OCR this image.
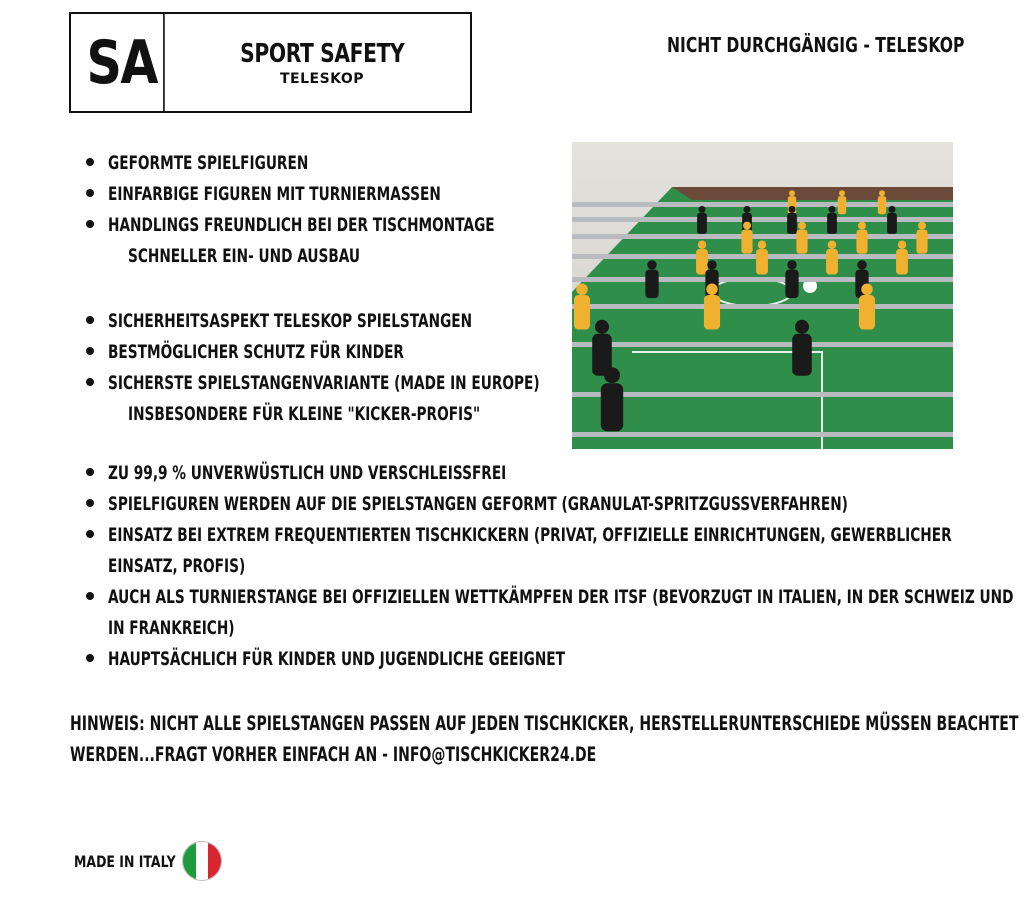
SA	SPORT SAFETY
TELESKOP
NICHT DURCHGÄNGIG - TELESKOP
GEFORMTE SPIELFIGUREN
EINFARBIGE FIGUREN MIT TURNIERMASSEN
HANDLINGS FREUNDLICH BEI DER TISCHMONTAGE
SCHNELLER EIN- UND AUSBAU
SICHERHEITSASPEKT TELESKOP SPIELSTANGEN
BESTMÖGLICHER SCHUTZ FÜR KINDER
SICHERSTE SPIELSTANGENVARIANTE (MADE IN EUROPE)
INSBESONDERE FÜR KLEINE "KICKER-PROFIS"
ZU 99,9 % UNVERWÜSTLICH UND VERSCHLEISSFREI
SPIELFIGUREN WERDEN AUF DIE SPIELSTANGEN GEFORMT (GRANULAT-SPRITZGUSSVERFAHREN)
EINSATZ BEI EXTREM FREQUENTIERTEN TISCHKICKERN (PRIVAT, OFFIZIELLE EINRICHTUNGEN, GEWERBLICHER
EINSATZ, PROFIS)
AUCH ALS TURNIERSTANGE BEI OFFIZIELLEN WETTKÄMPFEN DER ITSF (BEVORZUGT IN ITALIEN, IN DER SCHWEIZ UND
IN FRANKREICH)
HAUPTSÄCHLICH FÜR KINDER UND JUGENDLICHE GEEIGNET
HINWEIS: NICHT ALLE SPIELSTANGEN PASSEN AUF JEDEN TISCHKICKER, HERSTELLERUNTERSCHIEDE MÜSSEN BEACHTET
WERDEN...FRAGT VORHER EINFACH AN - INFO@TISCHKICKER24.DE
MADE IN ITALY
